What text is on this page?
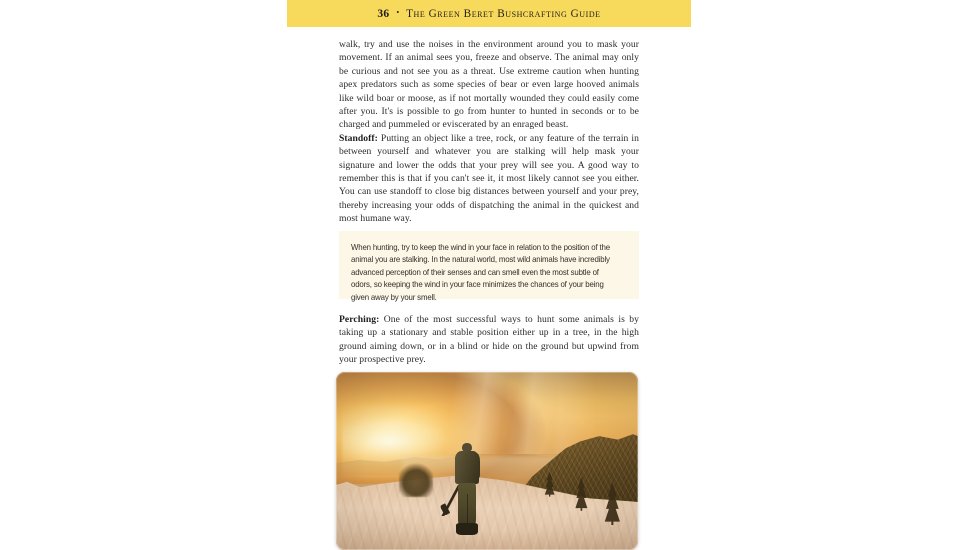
36 • The Green Beret Bushcrafting Guide

walk, try and use the noises in the environment around you to mask your movement. If an animal sees you, freeze and observe. The animal may only be curious and not see you as a threat. Use extreme caution when hunting apex predators such as some species of bear or even large hooved animals like wild boar or moose, as if not mortally wounded they could easily come after you. It's is possible to go from hunter to hunted in seconds or to be charged and pummeled or eviscerated by an enraged beast.

Standoff: Putting an object like a tree, rock, or any feature of the terrain in between yourself and whatever you are stalking will help mask your signature and lower the odds that your prey will see you. A good way to remember this is that if you can't see it, it most likely cannot see you either. You can use standoff to close big distances between yourself and your prey, thereby increasing your odds of dispatching the animal in the quickest and most humane way.

When hunting, try to keep the wind in your face in relation to the position of the animal you are stalking. In the natural world, most wild animals have incredibly advanced perception of their senses and can smell even the most subtle of odors, so keeping the wind in your face minimizes the chances of your being given away by your smell.

Perching: One of the most successful ways to hunt some animals is by taking up a stationary and stable position either up in a tree, in the high ground aiming down, or in a blind or hide on the ground but upwind from your prospective prey.
